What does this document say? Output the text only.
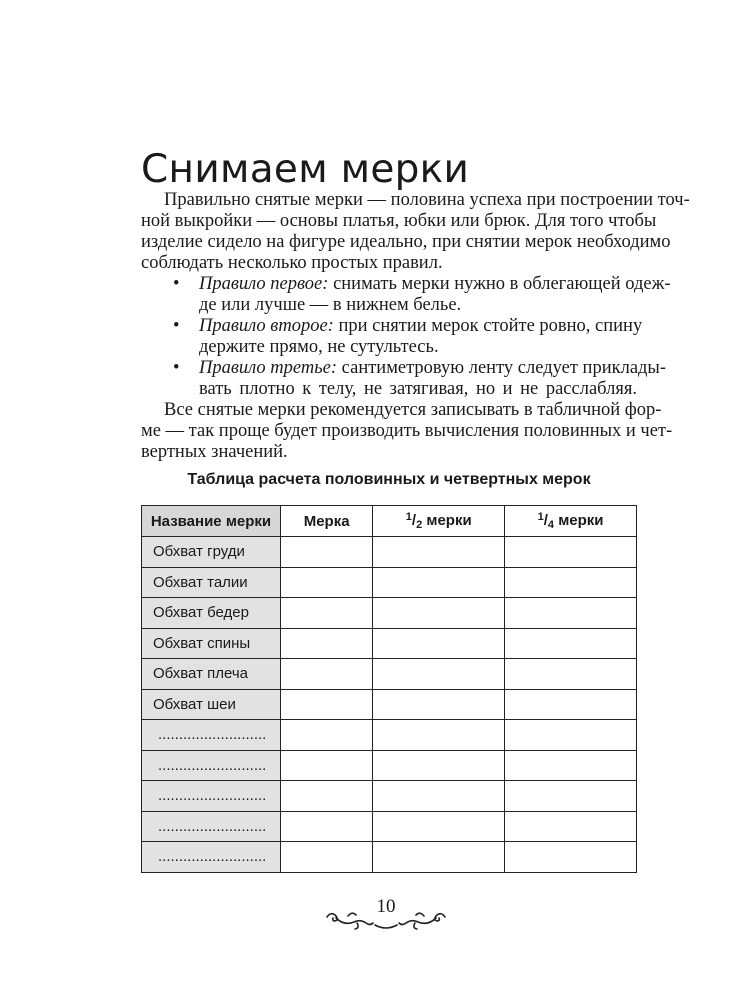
Снимаем мерки
Правильно снятые мерки — половина успеха при построении точ-
ной выкройки — основы платья, юбки или брюк. Для того чтобы
изделие сидело на фигуре идеально, при снятии мерок необходимо
соблюдать несколько простых правил.
• Правило первое: снимать мерки нужно в облегающей одеж-
де или лучше — в нижнем белье.
• Правило второе: при снятии мерок стойте ровно, спину
держите прямо, не сутультесь.
• Правило третье: сантиметровую ленту следует приклады-
вать плотно к телу, не затягивая, но и не расслабляя.
Все снятые мерки рекомендуется записывать в табличной фор-
ме — так проще будет производить вычисления половинных и чет-
вертных значений.
Таблица расчета половинных и четвертных мерок
Название мерки	Мерка	$^1/_2$ мерки	$^1/_4$ мерки
Обхват груди			
Обхват талии			
Обхват бедер			
Обхват спины			
Обхват плеча			
Обхват шеи			
..........................			
..........................			
..........................			
..........................			
..........................			
10
